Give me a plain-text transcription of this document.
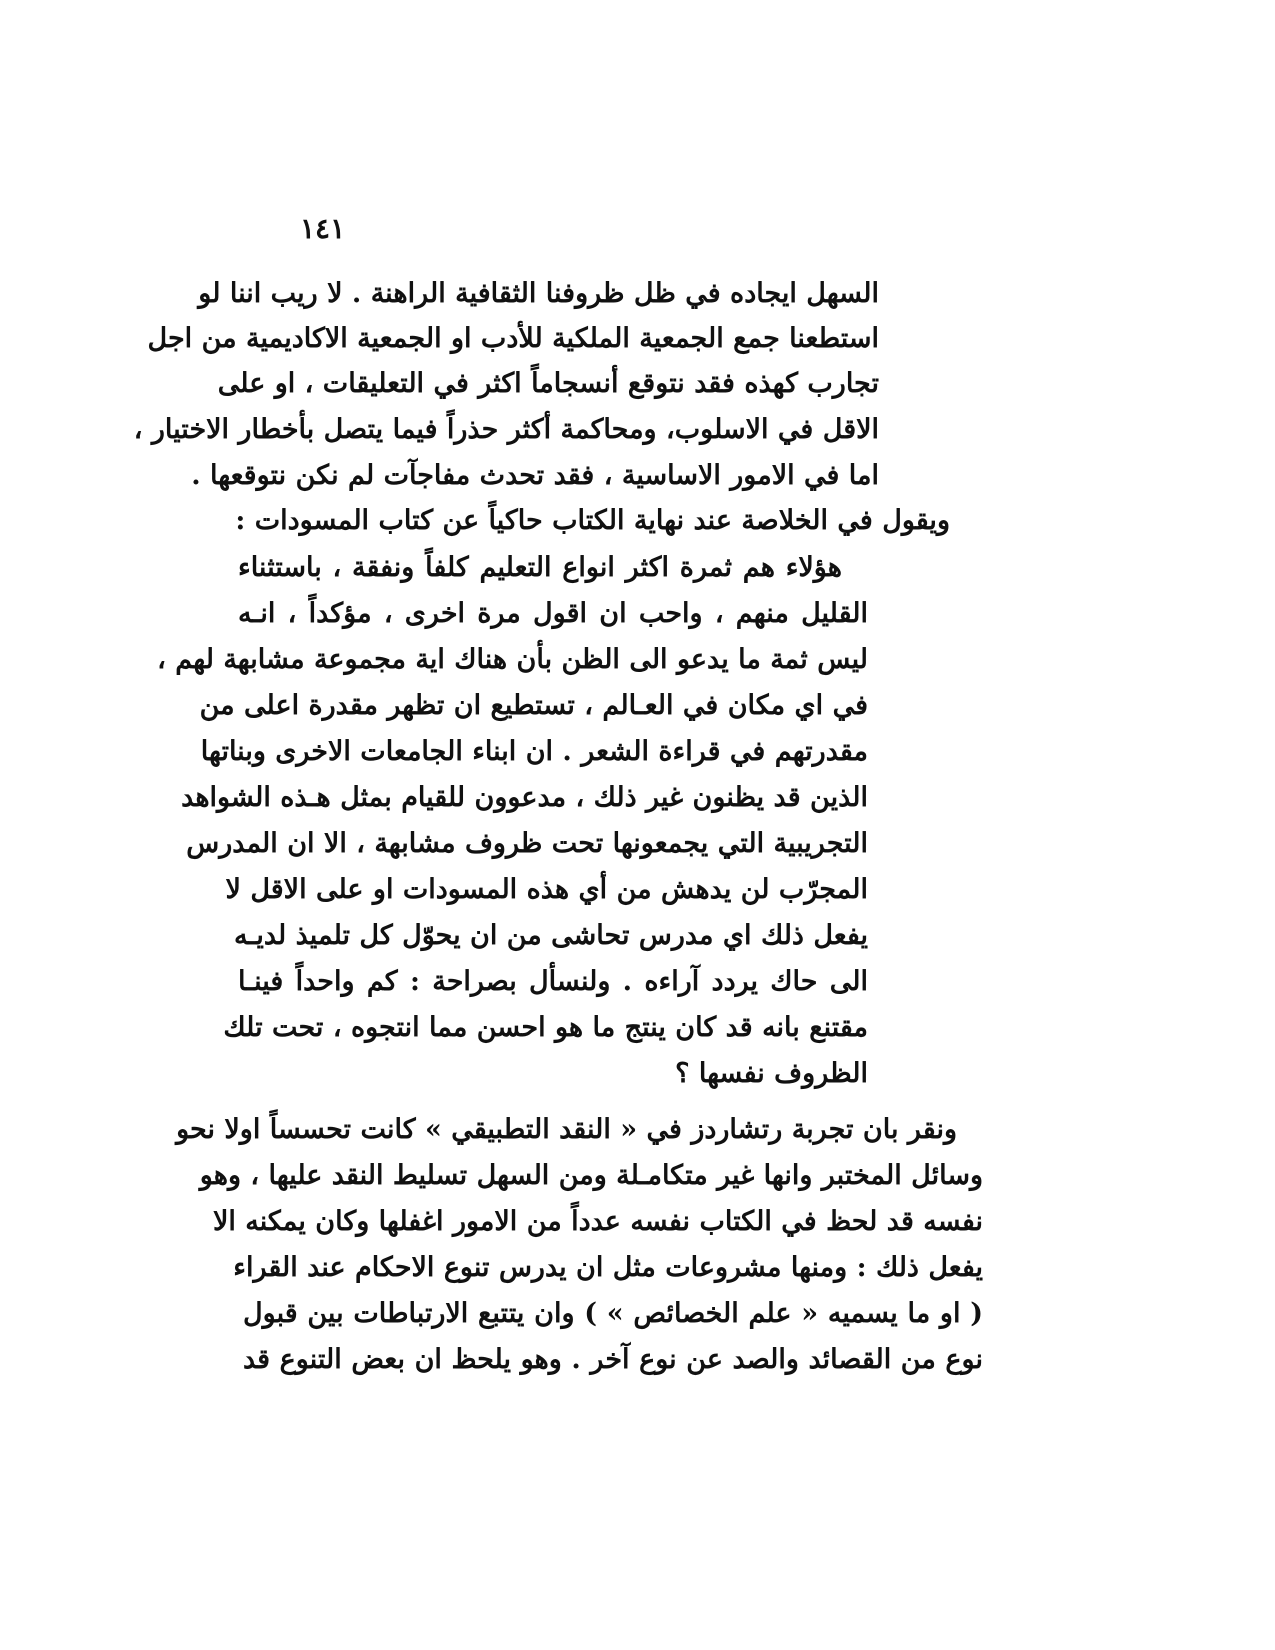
١٤١
السهل ايجاده في ظل ظروفنا الثقافية الراهنة . لا ريب اننا لو
استطعنا جمع الجمعية الملكية للأدب او الجمعية الاكاديمية من اجل
تجارب كهذه فقد نتوقع أنسجاماً اكثر في التعليقات ، او على
الاقل في الاسلوب، ومحاكمة أكثر حذراً فيما يتصل بأخطار الاختيار ،
اما في الامور الاساسية ، فقد تحدث مفاجآت لم نكن نتوقعها .
ويقول في الخلاصة عند نهاية الكتاب حاكياً عن كتاب المسودات :
هؤلاء هم ثمرة اكثر انواع التعليم كلفاً ونفقة ، باستثناء
القليل منهم ، واحب ان اقول مرة اخرى ، مؤكداً ، انـه
ليس ثمة ما يدعو الى الظن بأن هناك اية مجموعة مشابهة لهم ،
في اي مكان في العـالم ، تستطيع ان تظهر مقدرة اعلى من
مقدرتهم في قراءة الشعر . ان ابناء الجامعات الاخرى وبناتها
الذين قد يظنون غير ذلك ، مدعوون للقيام بمثل هـذه الشواهد
التجريبية التي يجمعونها تحت ظروف مشابهة ، الا ان المدرس
المجرّب لن يدهش من أي هذه المسودات او على الاقل لا
يفعل ذلك اي مدرس تحاشى من ان يحوّل كل تلميذ لديـه
الى حاك يردد آراءه . ولنسأل بصراحة : كم واحداً فينـا
مقتنع بانه قد كان ينتج ما هو احسن مما انتجوه ، تحت تلك
الظروف نفسها ؟
ونقر بان تجربة رتشاردز في « النقد التطبيقي » كانت تحسساً اولا نحو
وسائل المختبر وانها غير متكامـلة ومن السهل تسليط النقد عليها ، وهو
نفسه قد لحظ في الكتاب نفسه عدداً من الامور اغفلها وكان يمكنه الا
يفعل ذلك : ومنها مشروعات مثل ان يدرس تنوع الاحكام عند القراء
( او ما يسميه « علم الخصائص » ) وان يتتبع الارتباطات بين قبول
نوع من القصائد والصد عن نوع آخر . وهو يلحظ ان بعض التنوع قد
